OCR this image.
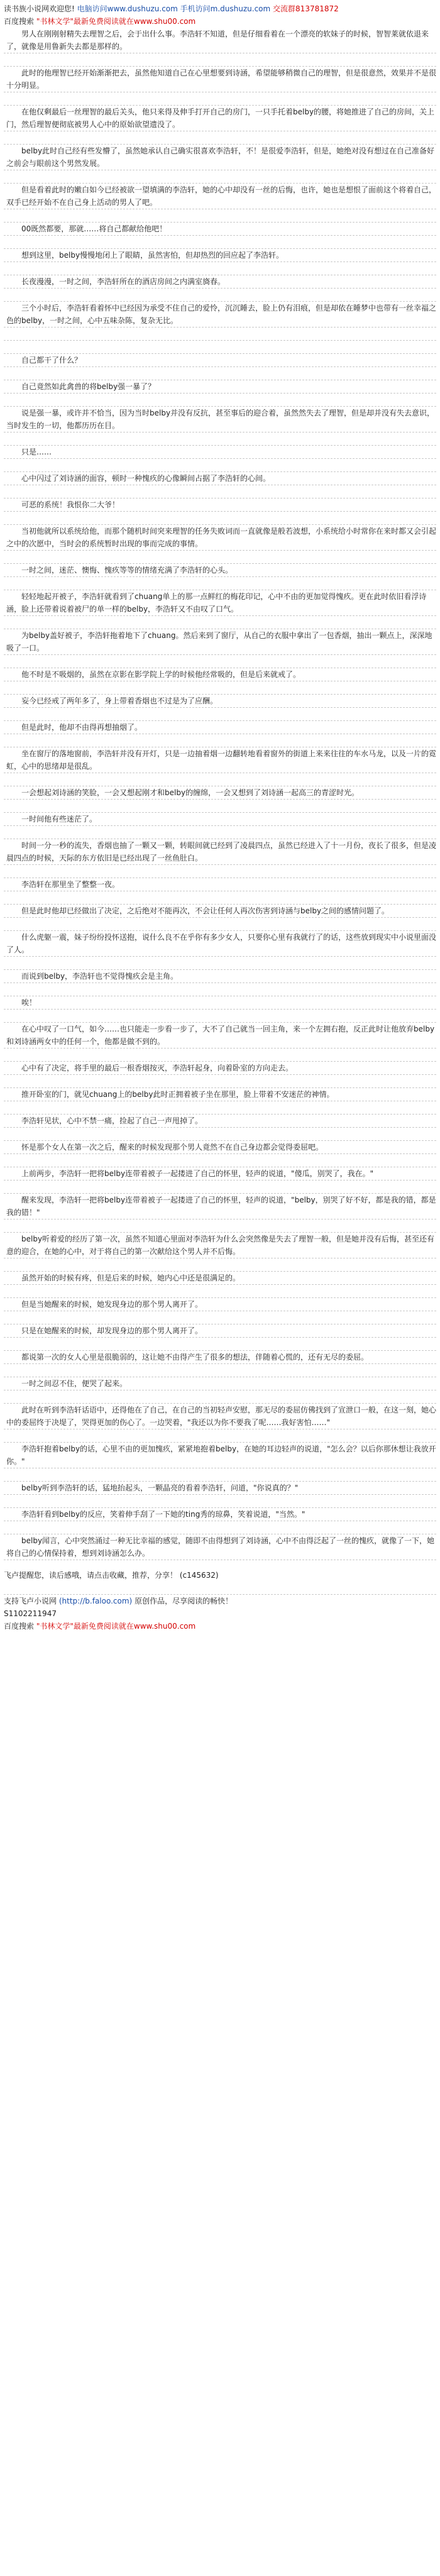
读书族小说网欢迎您! 电脑访问www.dushuzu.com 手机访问m.dushuzu.com 交流群813781872
百度搜索 "书林文学"最新免费阅读就在www.shu00.com
男人在刚刚射精失去理智之后，会于出什么事。李浩轩不知道，但是仔细看着在一个漂亮的软妹子的时候，智智莱就依退来了，就像是用鲁新失去都是那样的。
此时的他理智已经开始渐渐把去，虽然他知道自己在心里想要到诗涵，希望能够稍微自己的理智，但是很意然，效果并不是很十分明显。
在他仅剩最后一丝理智的最后关头，他只来得及伸手打开自己的房门，一只手托着belby的腰，将她推进了自己的房间，关上门，然后理智便彻底被男人心中的原始欲望遗没了。
belby此时自己经有些发懵了，虽然她承认自己确实很喜欢李浩轩，不！是很爱李浩轩，但是，她绝对没有想过在自己准备好之前会与眼前这个男然发展。
但是看着此时的嫩白如今已经被欲一望填满的李浩轩，她的心中却没有一丝的后悔，也许，她也是想恨了面前这个将着自己，双手已经开始不在自己身上活动的男人了吧。
00既然都要，那就……将自己都献给他吧！
想到这里，belby慢慢地闭上了眼睛，虽然害怕，但却热烈的回应起了李浩轩。
长夜漫漫，一时之间，李浩轩所在的酒店房间之内满室旖春。
三个小时后，李浩轩看着怀中已经因为承受不住自己的爱怜，沉沉睡去，脸上仍有泪痕，但是却依在睡梦中也带有一丝幸福之色的belby，一时之间，心中五味杂陈，复杂无比。
自己都干了什么？
自己竟然如此禽兽的将belby强一暴了？
说是强一暴，或许并不恰当，因为当时belby并没有反抗，甚至事后的迎合着，虽然然失去了理智，但是却并没有失去意识，当时发生的一切，他都历历在目。
只是……
心中闪过了刘诗涵的面容，顿时一种愧疚的心像瞬间占据了李浩轩的心间。
可恶的系统！我恨你二大爷！
当初他就所以系统给他，而那个随机时间突来理智的任务失败词而一直就像是般若波想，小系统给小时常你在来时都又会引起之中的次愿中，当时会的系统暂时出现的事而完成的事情。
一时之间，迷茫、懊悔、愧疚等等的情绪充满了李浩轩的心头。
轻轻地起开被子，李浩轩就看到了chuang单上的那一点鲜红的梅花印记，心中不由的更加觉得愧疚。更在此时依旧看浮诗涵，脸上还带着说着被尸的单一样的belby，李浩轩又不由叹了口气。
为belby盖好被子，李浩轩拖着地下了chuang。然后来到了窗厅，从自己的衣服中拿出了一包香烟，抽出一颗点上，深深地吸了一口。
他不时是不吸烟的，虽然在京影在影学院上学的时候他经常吸的，但是后来就戒了。
妄今已经戒了两年多了，身上带着香烟也不过是为了应酬。
但是此时，他却不由得再想抽烟了。
坐在窗厅的落地窗前，李浩轩并没有开灯，只是一边抽着烟一边翻转地看着窗外的街道上来来往往的车水马龙，以及一片的霓虹，心中的思绪却是很乱。
一会想起刘诗涵的笑脸，一会又想起刚才和belby的缠绵，一会又想到了刘诗涵一起高三的青涩时光。
一时间他有些迷茫了。
时间一分一秒的流失，香烟也抽了一颗又一颗，转眼间就已经到了凌晨四点，虽然已经进入了十一月份，夜长了很多，但是凌晨四点的时候，天际的东方依旧是已经出现了一丝鱼肚白。
李浩轩在那里坐了整整一夜。
但是此时他却已经做出了决定，之后绝对不能再次，不会让任何人再次伤害到诗涵与belby之间的感情问题了。
什么虎躯一震，妹子纷纷投怀送抱，说什么良不在乎你有多少女人，只要你心里有我就行了的话，这些放到现实中小说里面没了人。
而说到belby，李浩轩也不觉得愧疚会是主角。
唉！
在心中叹了一口气，如今……也只能走一步看一步了，大不了自己就当一回主角，来一个左拥右抱，反正此时让他放弃belby和刘诗涵两女中的任何一个，他都是做不到的。
心中有了决定，将手里的最后一根香烟按灭，李浩轩起身，向着卧室的方向走去。
推开卧室的门，就见chuang上的belby此时正拥着被子坐在那里，脸上带着不安迷茫的神情。
李浩轩见状，心中不禁一痛，捡起了自己一声甩掉了。
怀是那个女人在第一次之后，醒来的时候发现那个男人竟然不在自己身边都会觉得委屈吧。
上前两步，李浩轩一把将belby连带着被子一起搂进了自己的怀里，轻声的说道，"傻瓜，别哭了，我在。"
醒来发现，李浩轩一把将belby连带着被子一起搂进了自己的怀里，轻声的说道，"belby，别哭了好不好，都是我的错，都是我的错！"
belby听着爱的经历了第一次，虽然不知道心里面对李浩轩为什么会突然像是失去了理智一般，但是她并没有后悔，甚至还有意的迎合，在她的心中，对于将自己的第一次献给这个男人并不后悔。
虽然开始的时候有疼，但是后来的时候，她内心中还是很满足的。
但是当她醒来的时候，她发现身边的那个男人离开了。
只是在她醒来的时候，却发现身边的那个男人离开了。
都说第一次的女人心里是很脆弱的，这让她不由得产生了很多的想法，伴随着心慌的，还有无尽的委屈。
一时之间忍不住，便哭了起来。
此时在听到李浩轩话语中，还得他在了自己，在自己的当初轻声安慰，那无尽的委屈仿佛找到了宣泄口一般，在这一刻，她心中的委屈终于决堤了，哭得更加的伤心了。一边哭着，"我还以为你不要我了呢……我好害怕……"
李浩轩抱着belby的话，心里不由的更加愧疚，紧紧地抱着belby，在她的耳边轻声的说道，"怎么会？以后你那休想让我放开你。"
belby听到李浩轩的话，猛地抬起头，一颗晶亮的看着李浩轩，问道，"你说真的？"
李浩轩看到belby的反应，笑着伸手刮了一下她的ting秀的琼鼻，笑着说道，"当然。"
belby闻言，心中突然涌过一种无比幸福的感觉，随即不由得想到了刘诗涵，心中不由得泛起了一丝的愧疚，就像了一下，她将自己的心情保持着，想到刘诗涵怎么办。
飞卢提醒您，读后感哦，请点击收藏，推荐，分享！ (c145632)
支持飞卢小说网 (http://b.faloo.com) 原创作品，尽享阅读的畅快！
S1102211947
百度搜索 "书林文学"最新免费阅读就在www.shu00.com
